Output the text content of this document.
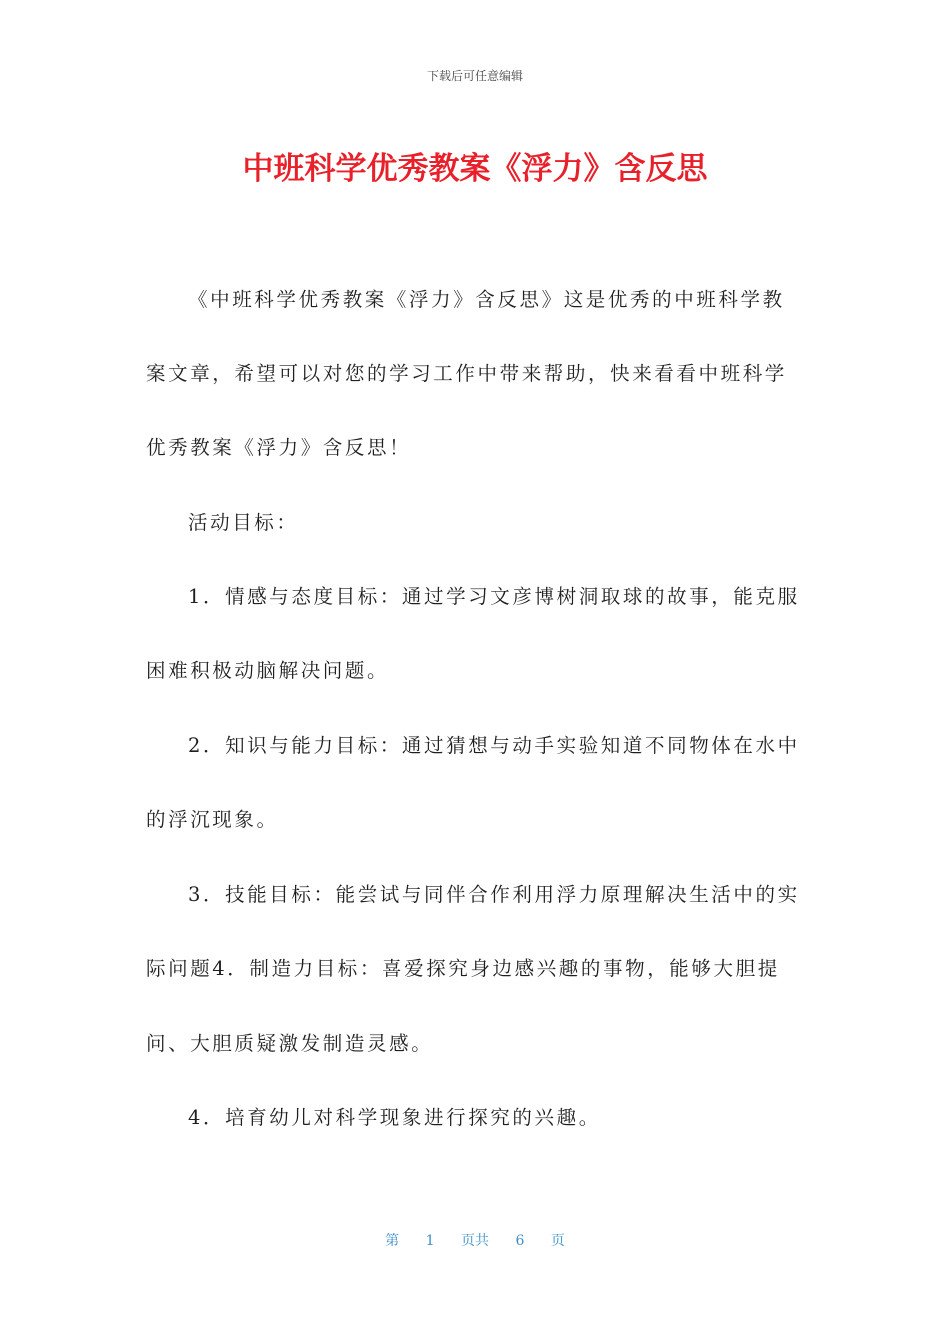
下载后可任意编辑
中班科学优秀教案《浮力》含反思
《中班科学优秀教案《浮力》含反思》这是优秀的中班科学教
案文章，希望可以对您的学习工作中带来帮助，快来看看中班科学
优秀教案《浮力》含反思！
活动目标：
1．情感与态度目标：通过学习文彦博树洞取球的故事，能克服
困难积极动脑解决问题。
2．知识与能力目标：通过猜想与动手实验知道不同物体在水中
的浮沉现象。
3．技能目标：能尝试与同伴合作利用浮力原理解决生活中的实
际问题4．制造力目标：喜爱探究身边感兴趣的事物，能够大胆提
问、大胆质疑激发制造灵感。
4．培育幼儿对科学现象进行探究的兴趣。
第 1 页共 6 页
